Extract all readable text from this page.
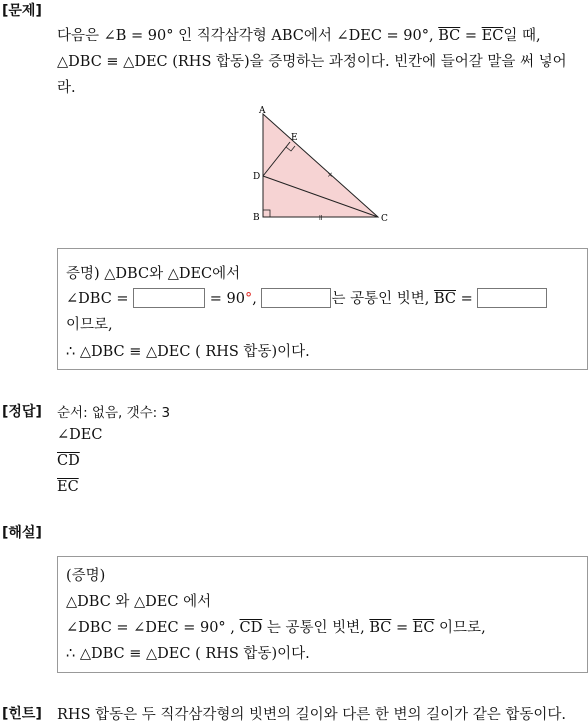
[문제]
다음은 ∠B = 90° 인 직각삼각형 ABC에서 ∠DEC = 90°, $\overline{BC} = \overline{EC}$일 때,
△DBC ≡ △DEC (RHS 합동)을 증명하는 과정이다. 빈칸에 들어갈 말을 써 넣어
라.
×
॥
A
E
D
B	C
증명) △DBC와 △DEC에서
∠DBC =	= 90°,	는 공통인 빗변, $\overline{BC}$ =
이므로,
∴ △DBC ≡ △DEC ( RHS 합동)이다.
[정답] 순서: 없음, 갯수: 3
∠DEC
$\overline{CD}$
$\overline{EC}$
[해설]
(증명)
△DBC 와 △DEC 에서
∠DBC = ∠DEC = 90° , $\overline{CD}$ 는 공통인 빗변, $\overline{BC} = \overline{EC}$ 이므로,
∴ △DBC ≡ △DEC ( RHS 합동)이다.
[힌트] RHS 합동은 두 직각삼각형의 빗변의 길이와 다른 한 변의 길이가 같은 합동이다.
